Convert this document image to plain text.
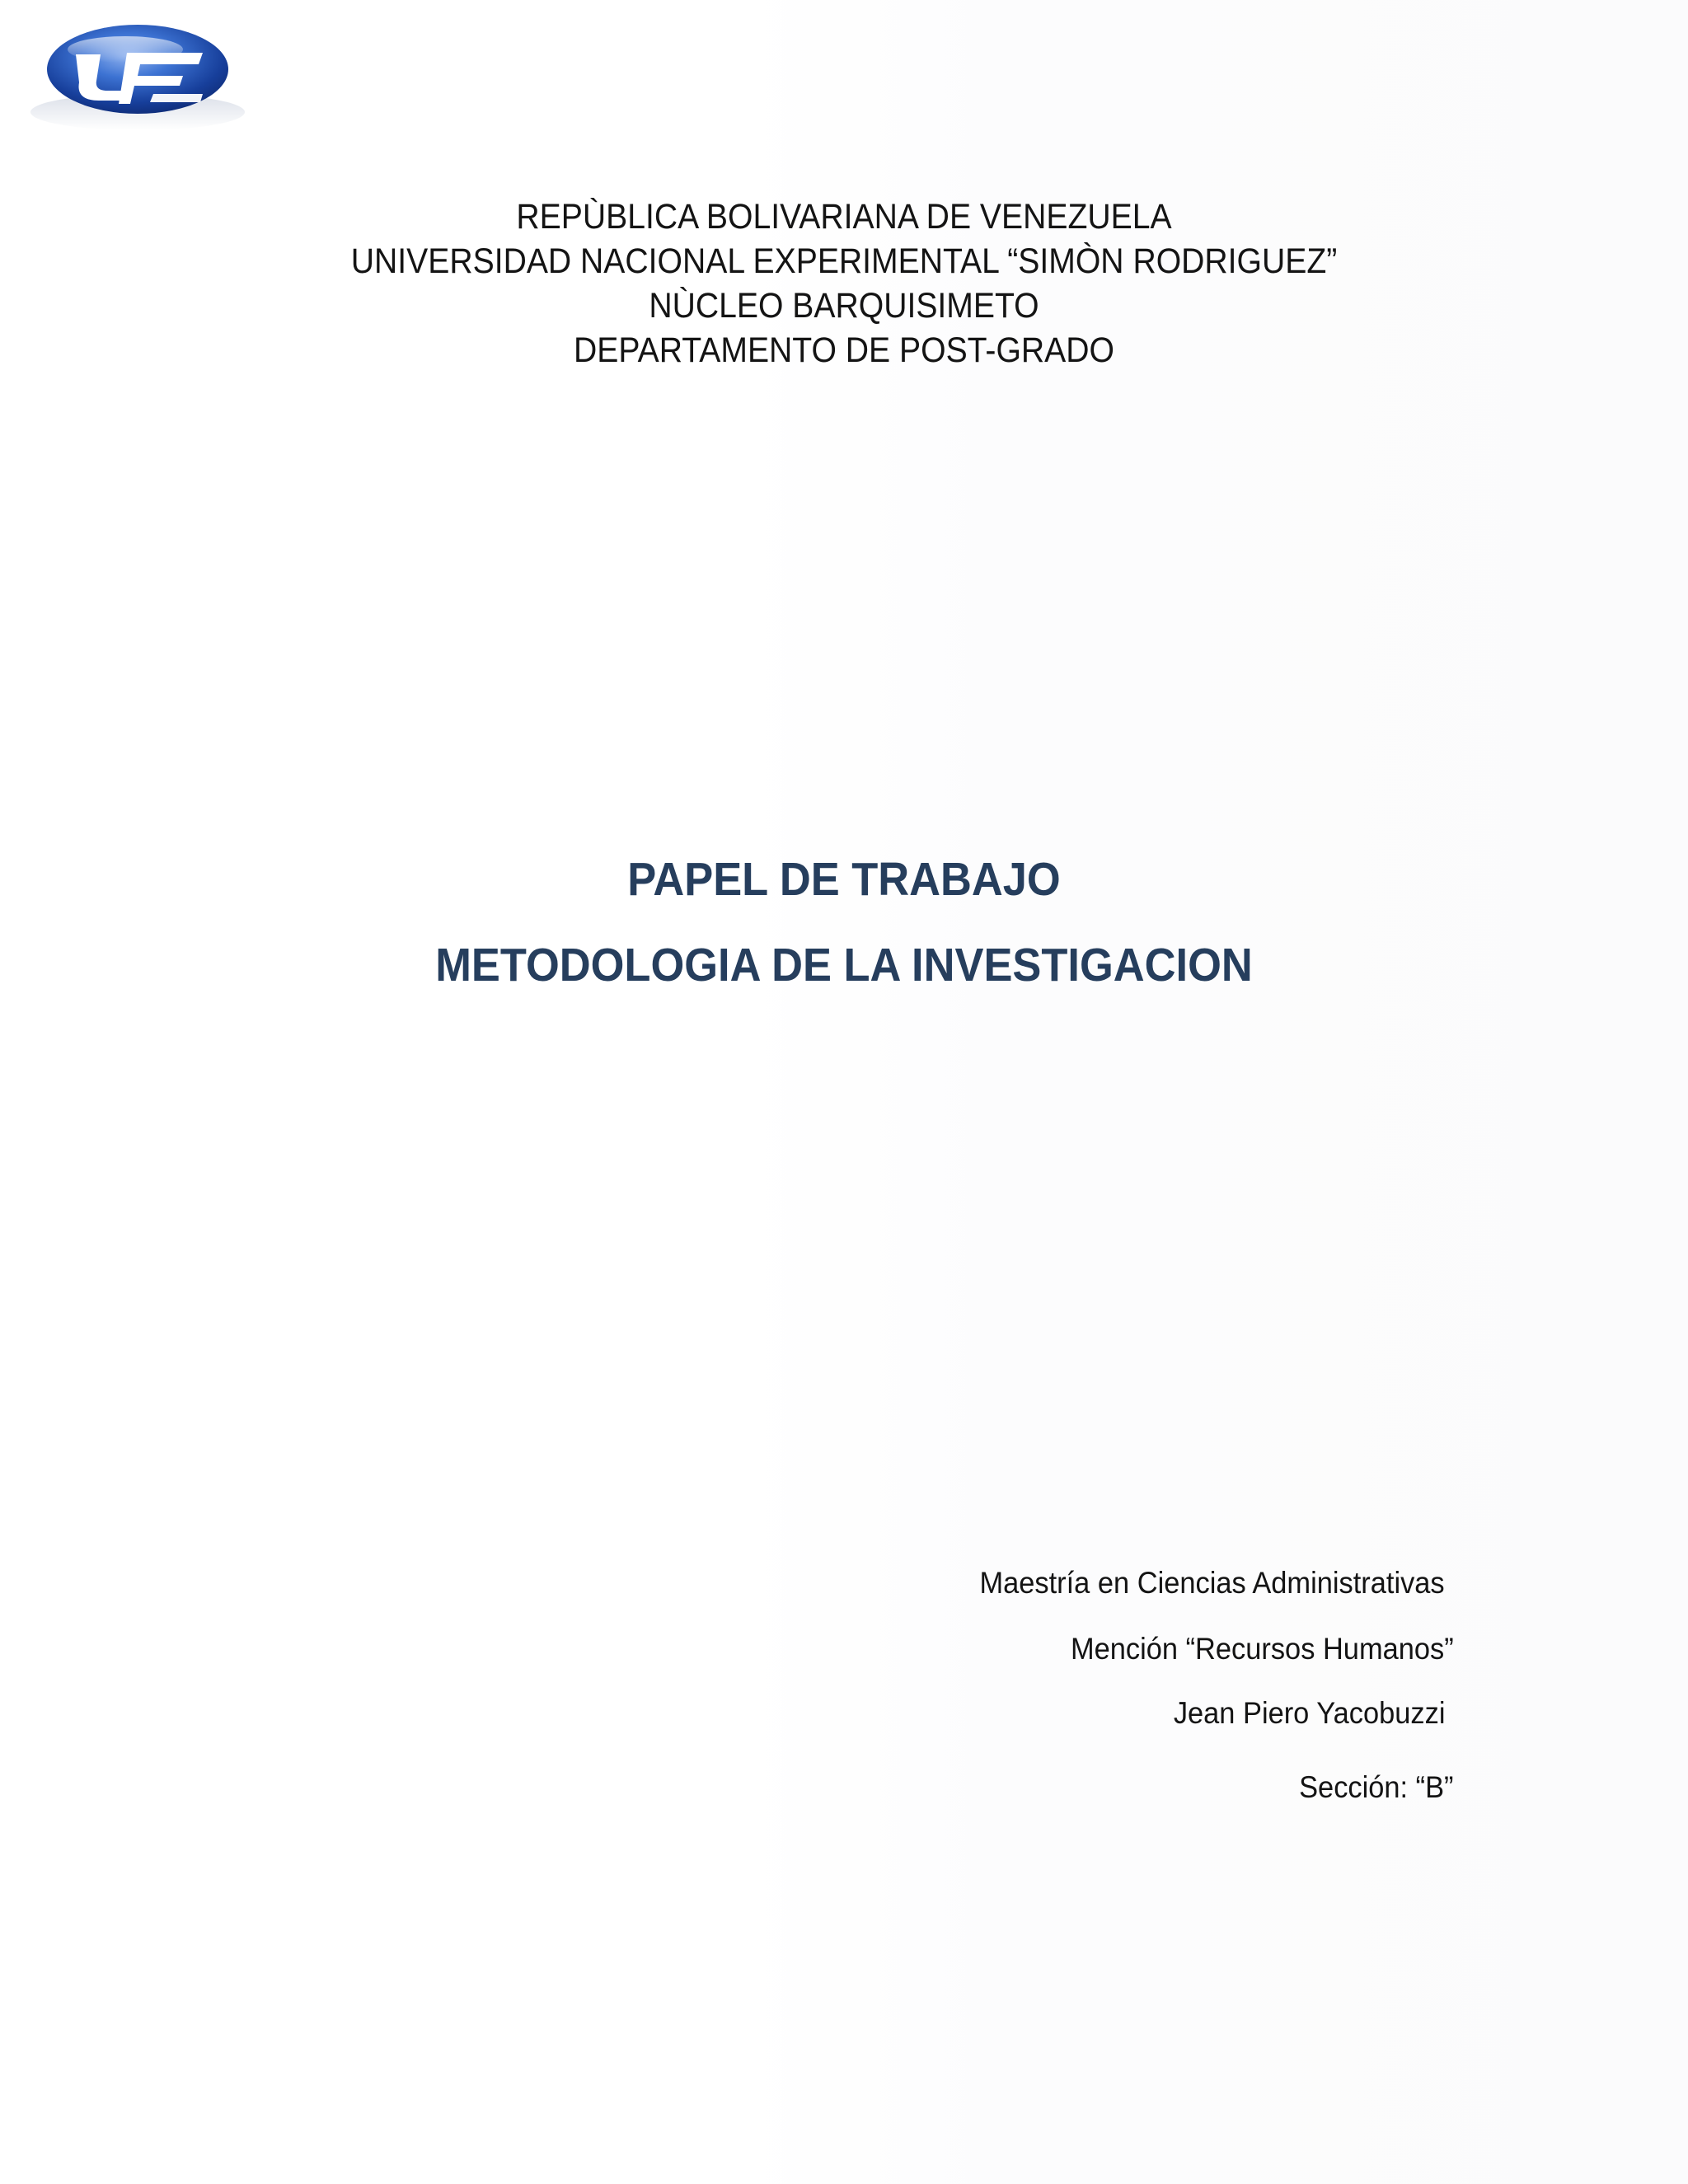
REPÙBLICA BOLIVARIANA DE VENEZUELA
UNIVERSIDAD NACIONAL EXPERIMENTAL “SIMÒN RODRIGUEZ”
NÙCLEO BARQUISIMETO
DEPARTAMENTO DE POST-GRADO
PAPEL DE TRABAJO
METODOLOGIA DE LA INVESTIGACION
Maestría en Ciencias Administrativas
Mención “Recursos Humanos”
Jean Piero Yacobuzzi
Sección: “B”
